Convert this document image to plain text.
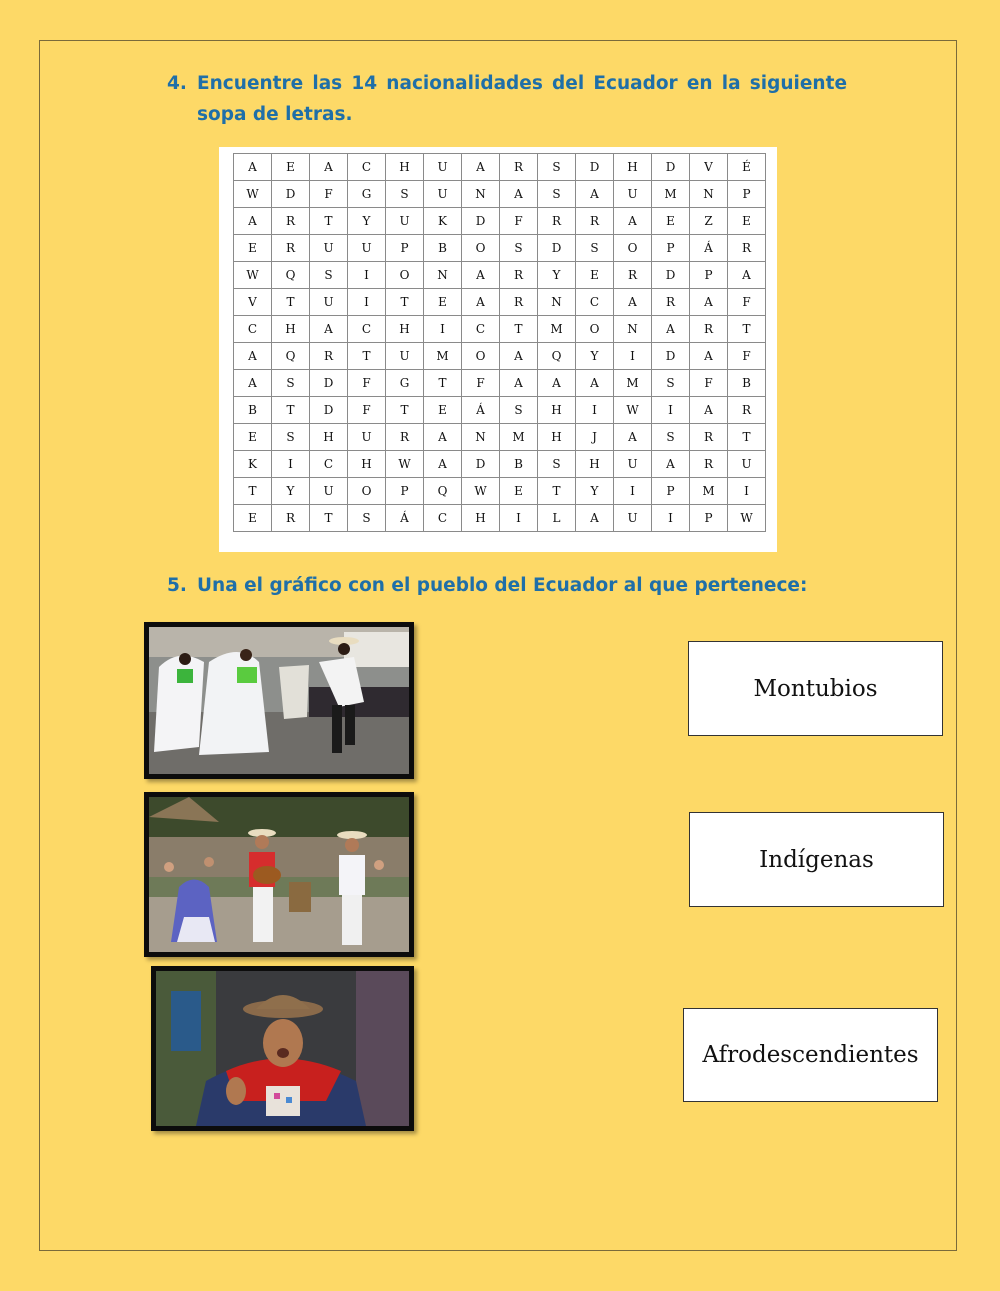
4. Encuentre las 14 nacionalidades del Ecuador en la siguiente sopa de letras.
A	E	A	C	H	U	A	R	S	D	H	D	V	É
W	D	F	G	S	U	N	A	S	A	U	M	N	P
A	R	T	Y	U	K	D	F	R	R	A	E	Z	E
E	R	U	U	P	B	O	S	D	S	O	P	Á	R
W	Q	S	I	O	N	A	R	Y	E	R	D	P	A
V	T	U	I	T	E	A	R	N	C	A	R	A	F
C	H	A	C	H	I	C	T	M	O	N	A	R	T
A	Q	R	T	U	M	O	A	Q	Y	I	D	A	F
A	S	D	F	G	T	F	A	A	A	M	S	F	B
B	T	D	F	T	E	Á	S	H	I	W	I	A	R
E	S	H	U	R	A	N	M	H	J	A	S	R	T
K	I	C	H	W	A	D	B	S	H	U	A	R	U
T	Y	U	O	P	Q	W	E	T	Y	I	P	M	I
E	R	T	S	Á	C	H	I	L	A	U	I	P	W
5. Una el gráfico con el pueblo del Ecuador al que pertenece:
Montubios
Indígenas
Afrodescendientes
